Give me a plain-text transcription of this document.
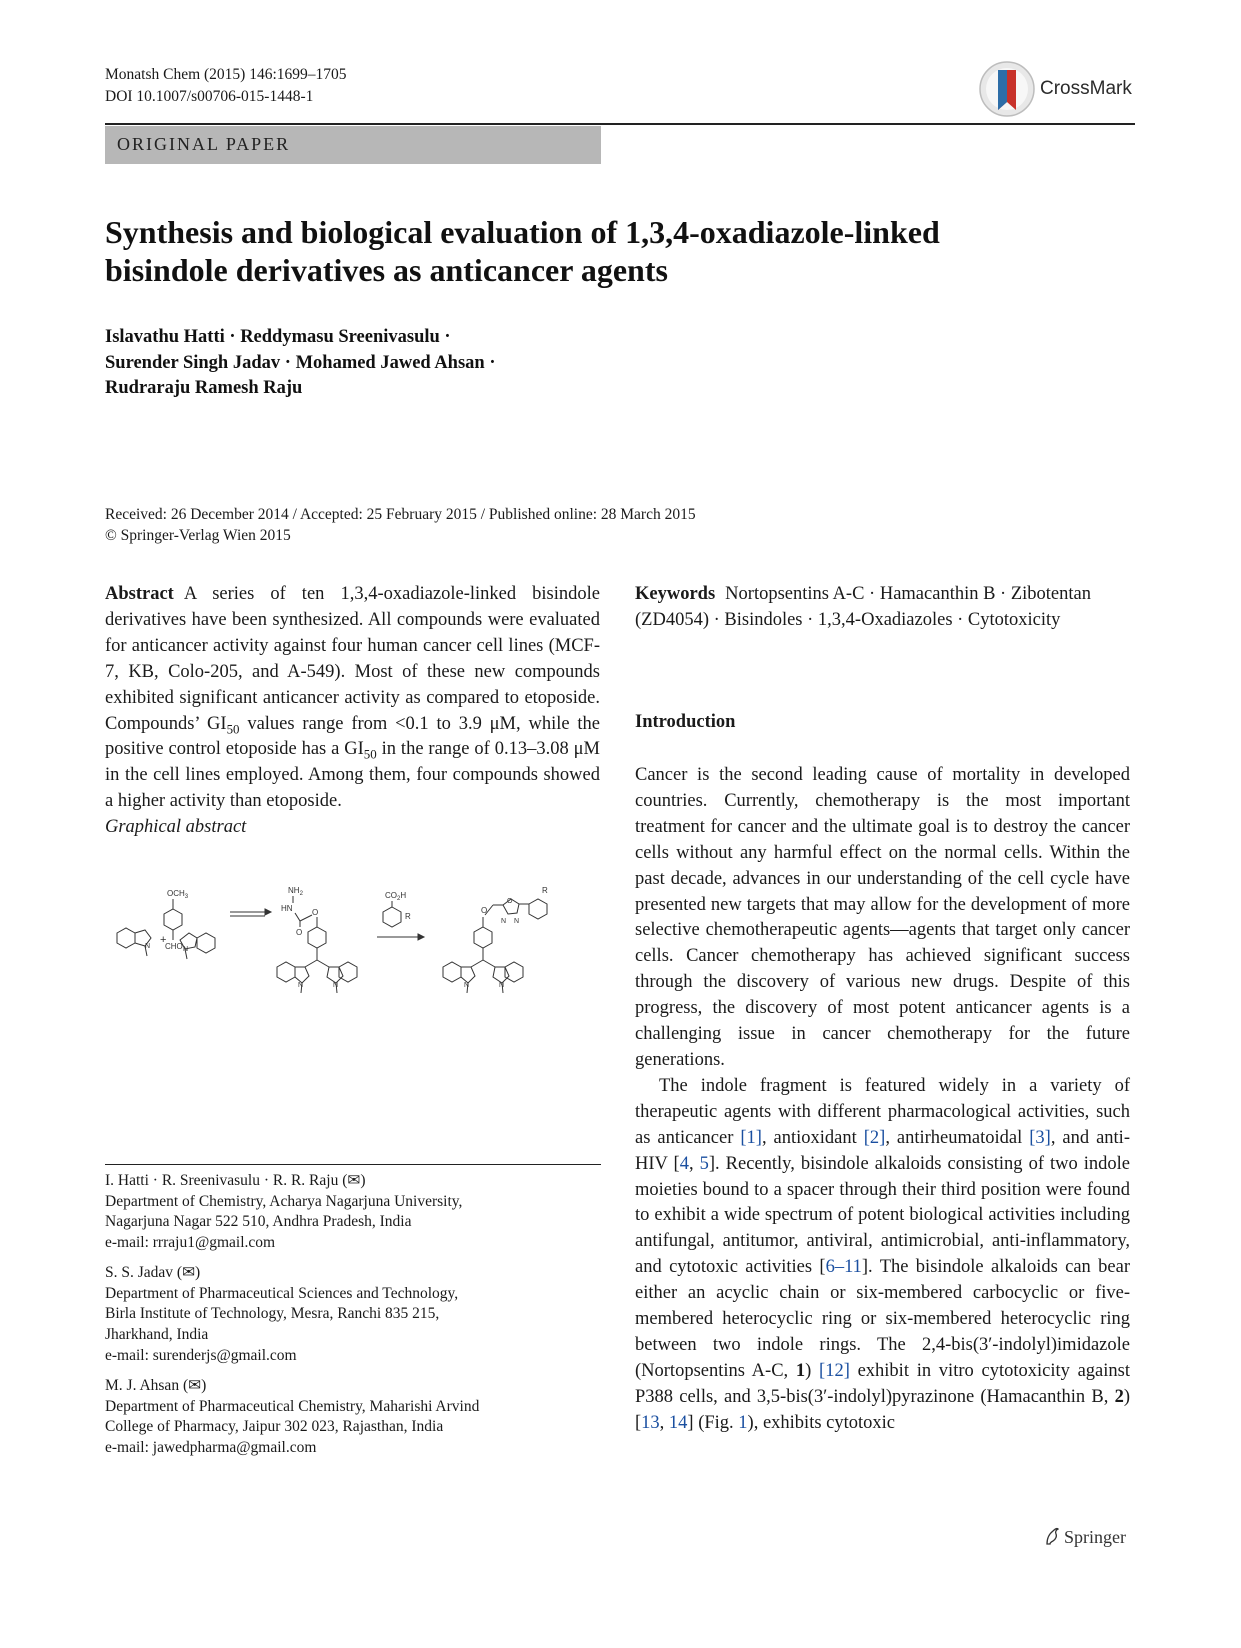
Monatsh Chem (2015) 146:1699–1705
DOI 10.1007/s00706-015-1448-1	CrossMark
ORIGINAL PAPER
Synthesis and biological evaluation of 1,3,4-oxadiazole-linked
bisindole derivatives as anticancer agents
Islavathu Hatti · Reddymasu Sreenivasulu ·
Surender Singh Jadav · Mohamed Jawed Ahsan ·
Rudraraju Ramesh Raju
Received: 26 December 2014 / Accepted: 25 February 2015 / Published online: 28 March 2015
© Springer-Verlag Wien 2015

Abstract A series of ten 1,3,4-oxadiazole-linked bisindole derivatives have been synthesized. All compounds were evaluated for anticancer activity against four human cancer cell lines (MCF-7, KB, Colo-205, and A-549). Most of these new compounds exhibited significant anticancer activity as compared to etoposide. Compounds’ $GI_{50}$ values range from <0.1 to 3.9 μM, while the positive control etoposide has a $GI_{50}$ in the range of 0.13–3.08 μM in the cell lines employed. Among them, four compounds showed a higher activity than etoposide.

Graphical abstract

$OCH_3$
CHO
N
+
N
$NH_2$
HN
O
O
N	N
$CO_2H$
R
O
O
N N
R
N	N
I. Hatti · R. Sreenivasulu · R. R. Raju (✉)
Department of Chemistry, Acharya Nagarjuna University,
Nagarjuna Nagar 522 510, Andhra Pradesh, India
e-mail: rrraju1@gmail.com
S. S. Jadav (✉)
Department of Pharmaceutical Sciences and Technology,
Birla Institute of Technology, Mesra, Ranchi 835 215,
Jharkhand, India
e-mail: surenderjs@gmail.com
M. J. Ahsan (✉)
Department of Pharmaceutical Chemistry, Maharishi Arvind
College of Pharmacy, Jaipur 302 023, Rajasthan, India
e-mail: jawedpharma@gmail.com

Keywords Nortopsentins A-C · Hamacanthin B · Zibotentan (ZD4054) · Bisindoles · 1,3,4-Oxadiazoles · Cytotoxicity

Introduction

Cancer is the second leading cause of mortality in developed countries. Currently, chemotherapy is the most important treatment for cancer and the ultimate goal is to destroy the cancer cells without any harmful effect on the normal cells. Within the past decade, advances in our understanding of the cell cycle have presented new targets that may allow for the development of more selective chemotherapeutic agents—agents that target only cancer cells. Cancer chemotherapy has achieved significant success through the discovery of various new drugs. Despite of this progress, the discovery of most potent anticancer agents is a challenging issue in cancer chemotherapy for the future generations.

The indole fragment is featured widely in a variety of therapeutic agents with different pharmacological activities, such as anticancer [1], antioxidant [2], antirheumatoidal [3], and anti-HIV [4, 5]. Recently, bisindole alkaloids consisting of two indole moieties bound to a spacer through their third position were found to exhibit a wide spectrum of potent biological activities including antifungal, antitumor, antiviral, antimicrobial, anti-inflammatory, and cytotoxic activities [6–11]. The bisindole alkaloids can bear either an acyclic chain or six-membered carbocyclic or five-membered heterocyclic ring or six-membered heterocyclic ring between two indole rings. The 2,4-bis(3′-indolyl)imidazole (Nortopsentins A-C, 1) [12] exhibit in vitro cytotoxicity against P388 cells, and 3,5-bis(3′-indolyl)pyrazinone (Hamacanthin B, 2) [13, 14] (Fig. 1), exhibits cytotoxic

Springer
